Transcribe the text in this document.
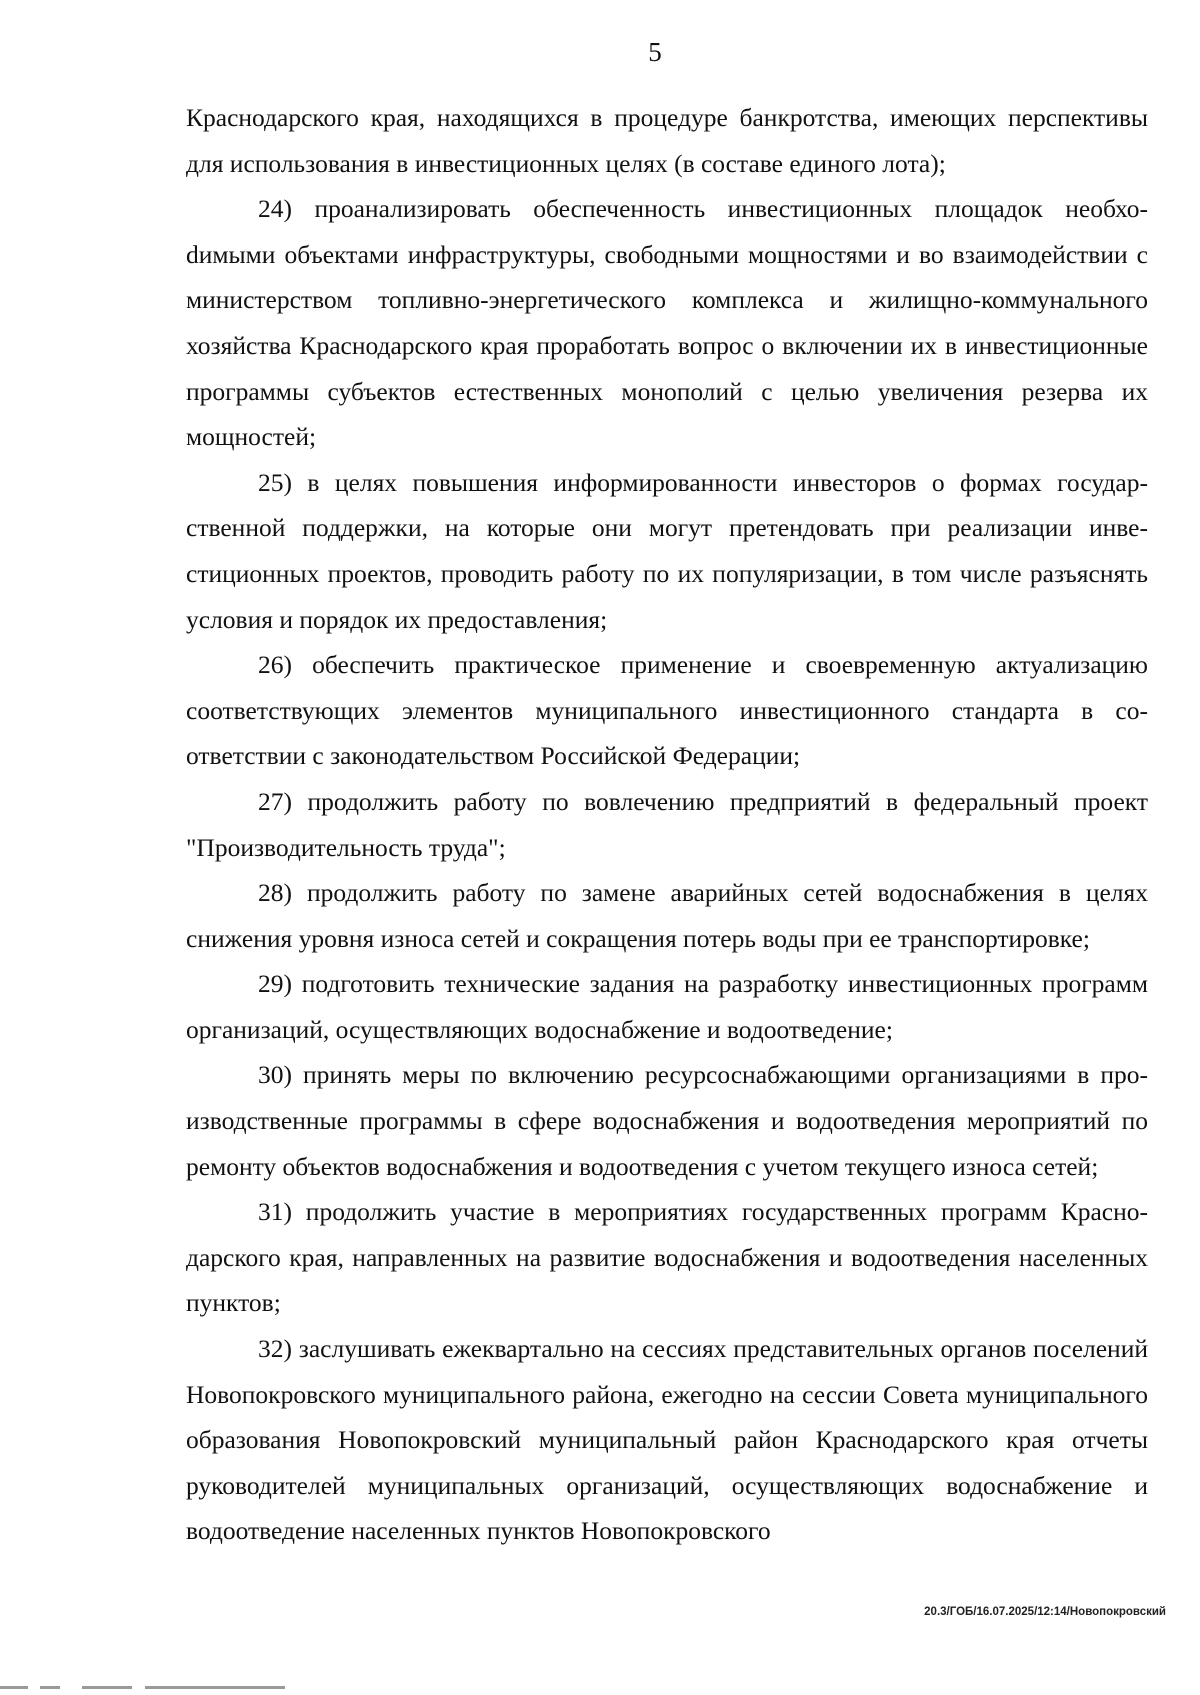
5

Краснодарского края, находящихся в процедуре банкротства, имеющих перспективы для использования в инвестиционных целях (в составе единого лота);

24) проанализировать обеспеченность инвестиционных площадок необхоdимыми объектами инфраструктуры, свободными мощностями и во взаимодействии с министерством топливно-энергетического комплекса и жилищно-коммунального хозяйства Краснодарского края проработать вопрос о включении их в инвестиционные программы субъектов естественных монополий с целью увеличения резерва их мощностей;

25) в целях повышения информированности инвесторов о формах государственной поддержки, на которые они могут претендовать при реализации инвестиционных проектов, проводить работу по их популяризации, в том числе разъяснять условия и порядок их предоставления;

26) обеспечить практическое применение и своевременную актуализацию соответствующих элементов муниципального инвестиционного стандарта в соответствии с законодательством Российской Федерации;

27) продолжить работу по вовлечению предприятий в федеральный проект "Производительность труда";

28) продолжить работу по замене аварийных сетей водоснабжения в целях снижения уровня износа сетей и сокращения потерь воды при ее транспортировке;

29) подготовить технические задания на разработку инвестиционных программ организаций, осуществляющих водоснабжение и водоотведение;

30) принять меры по включению ресурсоснабжающими организациями в производственные программы в сфере водоснабжения и водоотведения мероприятий по ремонту объектов водоснабжения и водоотведения с учетом текущего износа сетей;

31) продолжить участие в мероприятиях государственных программ Краснодарского края, направленных на развитие водоснабжения и водоотведения населенных пунктов;

32) заслушивать ежеквартально на сессиях представительных органов поселений Новопокровского муниципального района, ежегодно на сессии Совета муниципального образования Новопокровский муниципальный район Краснодарского края отчеты руководителей муниципальных организаций, осуществляющих водоснабжение и водоотведение населенных пунктов Новопокровского

20.3/ГОБ/16.07.2025/12:14/Новопокровский
